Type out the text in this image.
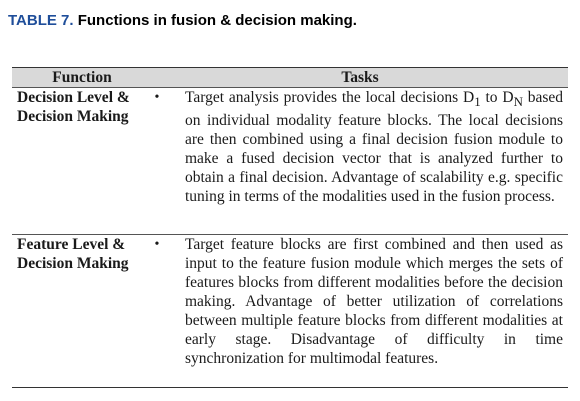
TABLE 7. Functions in fusion & decision making.
Function	Tasks
Decision Level & Decision Making
•	Target analysis provides the local decisions $D_1$ to $D_N$ based on individual modality feature blocks. The local decisions are then combined using a final decision fusion module to make a fused decision vector that is analyzed further to obtain a final decision. Advantage of scalability e.g. specific tuning in terms of the modalities used in the fusion process.
Feature Level & Decision Making
•	Target feature blocks are first combined and then used as input to the feature fusion module which merges the sets of features blocks from different modalities before the decision making. Advantage of better utilization of correlations between multiple feature blocks from different modalities at early stage. Disadvantage of difficulty in time synchronization for multimodal features.
